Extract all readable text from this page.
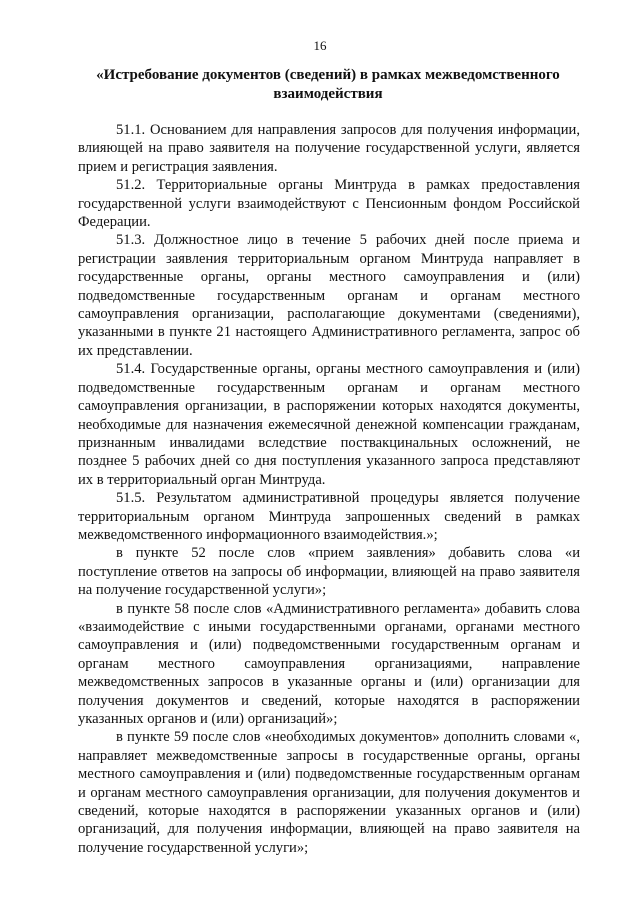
16
«Истребование документов (сведений) в рамках межведомственного взаимодействия

51.1. Основанием для направления запросов для получения информации, влияющей на право заявителя на получение государственной услуги, является прием и регистрация заявления.

51.2. Территориальные органы Минтруда в рамках предоставления государственной услуги взаимодействуют с Пенсионным фондом Российской Федерации.

51.3. Должностное лицо в течение 5 рабочих дней после приема и регистрации заявления территориальным органом Минтруда направляет в государственные органы, органы местного самоуправления и (или) подведомственные государственным органам и органам местного самоуправления организации, располагающие документами (сведениями), указанными в пункте 21 настоящего Административного регламента, запрос об их представлении.

51.4. Государственные органы, органы местного самоуправления и (или) подведомственные государственным органам и органам местного самоуправления организации, в распоряжении которых находятся документы, необходимые для назначения ежемесячной денежной компенсации гражданам, признанным инвалидами вследствие поствакцинальных осложнений, не позднее 5 рабочих дней со дня поступления указанного запроса представляют их в территориальный орган Минтруда.

51.5. Результатом административной процедуры является получение территориальным органом Минтруда запрошенных сведений в рамках межведомственного информационного взаимодействия.»;

в пункте 52 после слов «прием заявления» добавить слова «и поступление ответов на запросы об информации, влияющей на право заявителя на получение государственной услуги»;

в пункте 58 после слов «Административного регламента» добавить слова «взаимодействие с иными государственными органами, органами местного самоуправления и (или) подведомственными государственным органам и органам местного самоуправления организациями, направление межведомственных запросов в указанные органы и (или) организации для получения документов и сведений, которые находятся в распоряжении указанных органов и (или) организаций»;

в пункте 59 после слов «необходимых документов» дополнить словами «, направляет межведомственные запросы в государственные органы, органы местного самоуправления и (или) подведомственные государственным органам и органам местного самоуправления организации, для получения документов и сведений, которые находятся в распоряжении указанных органов и (или) организаций, для получения информации, влияющей на право заявителя на получение государственной услуги»;
